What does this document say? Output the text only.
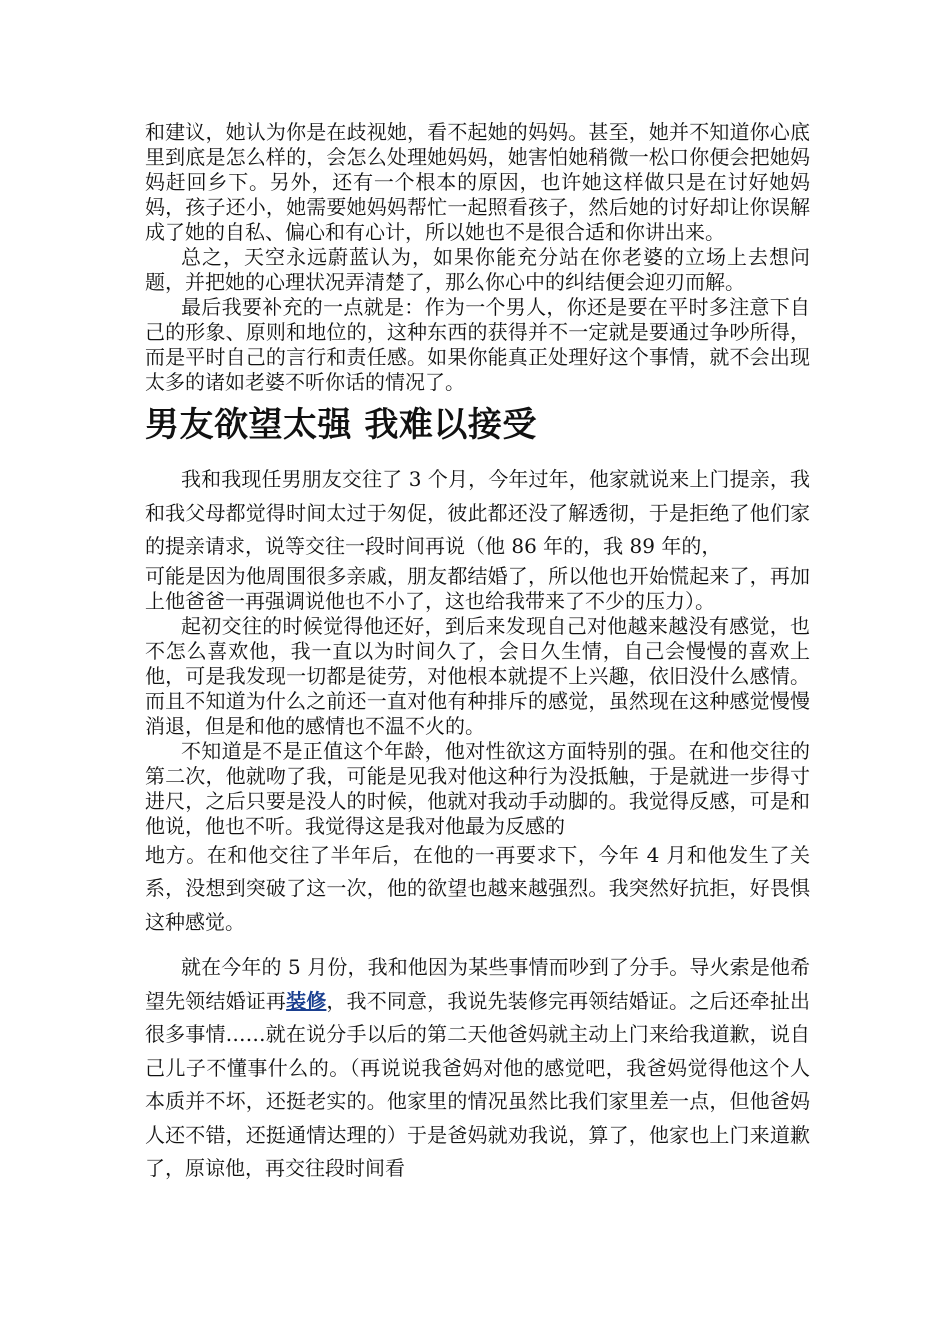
和建议，她认为你是在歧视她，看不起她的妈妈。甚至，她并不知道你心底里到底是怎么样的，会怎么处理她妈妈，她害怕她稍微一松口你便会把她妈妈赶回乡下。另外，还有一个根本的原因，也许她这样做只是在讨好她妈妈，孩子还小，她需要她妈妈帮忙一起照看孩子，然后她的讨好却让你误解成了她的自私、偏心和有心计，所以她也不是很合适和你讲出来。

总之，天空永远蔚蓝认为，如果你能充分站在你老婆的立场上去想问题，并把她的心理状况弄清楚了，那么你心中的纠结便会迎刃而解。

最后我要补充的一点就是：作为一个男人，你还是要在平时多注意下自己的形象、原则和地位的，这种东西的获得并不一定就是要通过争吵所得，而是平时自己的言行和责任感。如果你能真正处理好这个事情，就不会出现太多的诸如老婆不听你话的情况了。

男友欲望太强 我难以接受

我和我现任男朋友交往了 3 个月，今年过年，他家就说来上门提亲，我和我父母都觉得时间太过于匆促，彼此都还没了解透彻，于是拒绝了他们家的提亲请求，说等交往一段时间再说（他 86 年的，我 89 年的，

可能是因为他周围很多亲戚，朋友都结婚了，所以他也开始慌起来了，再加上他爸爸一再强调说他也不小了，这也给我带来了不少的压力）。

起初交往的时候觉得他还好，到后来发现自己对他越来越没有感觉，也不怎么喜欢他，我一直以为时间久了，会日久生情，自己会慢慢的喜欢上他，可是我发现一切都是徒劳，对他根本就提不上兴趣，依旧没什么感情。而且不知道为什么之前还一直对他有种排斥的感觉，虽然现在这种感觉慢慢消退，但是和他的感情也不温不火的。

不知道是不是正值这个年龄，他对性欲这方面特别的强。在和他交往的第二次，他就吻了我，可能是见我对他这种行为没抵触，于是就进一步得寸进尺，之后只要是没人的时候，他就对我动手动脚的。我觉得反感，可是和他说，他也不听。我觉得这是我对他最为反感的

地方。在和他交往了半年后，在他的一再要求下，今年 4 月和他发生了关系，没想到突破了这一次，他的欲望也越来越强烈。我突然好抗拒，好畏惧这种感觉。

就在今年的 5 月份，我和他因为某些事情而吵到了分手。导火索是他希望先领结婚证再装修，我不同意，我说先装修完再领结婚证。之后还牵扯出很多事情……就在说分手以后的第二天他爸妈就主动上门来给我道歉，说自己儿子不懂事什么的。（再说说我爸妈对他的感觉吧，我爸妈觉得他这个人本质并不坏，还挺老实的。他家里的情况虽然比我们家里差一点，但他爸妈人还不错，还挺通情达理的）于是爸妈就劝我说，算了，他家也上门来道歉了，原谅他，再交往段时间看
